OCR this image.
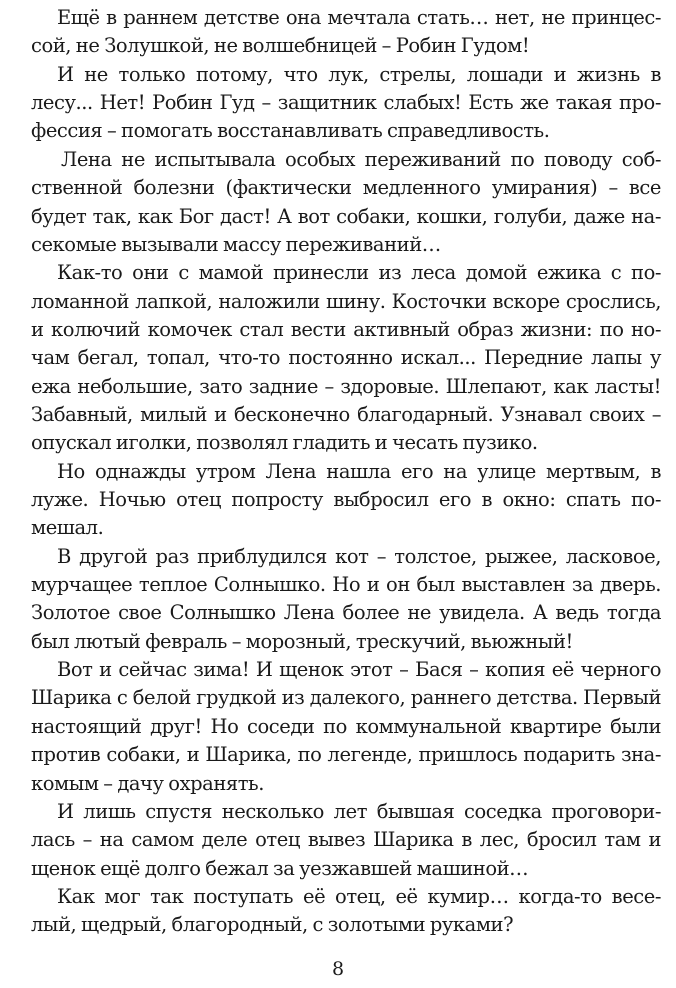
Ещё в раннем детстве она мечтала стать… нет, не принцес-
сой, не Золушкой, не волшебницей – Робин Гудом!
И не только потому, что лук, стрелы, лошади и жизнь в
лесу... Нет! Робин Гуд – защитник слабых! Есть же такая про-
фессия – помогать восстанавливать справедливость.
Лена не испытывала особых переживаний по поводу соб-
ственной болезни (фактически медленного умирания) – все
будет так, как Бог даст! А вот собаки, кошки, голуби, даже на-
секомые вызывали массу переживаний…
Как-то они с мамой принесли из леса домой ежика с по-
ломанной лапкой, наложили шину. Косточки вскоре срослись,
и колючий комочек стал вести активный образ жизни: по но-
чам бегал, топал, что-то постоянно искал... Передние лапы у
ежа небольшие, зато задние – здоровые. Шлепают, как ласты!
Забавный, милый и бесконечно благодарный. Узнавал своих –
опускал иголки, позволял гладить и чесать пузико.
Но однажды утром Лена нашла его на улице мертвым, в
луже. Ночью отец попросту выбросил его в окно: спать по-
мешал.
В другой раз приблудился кот – толстое, рыжее, ласковое,
мурчащее теплое Солнышко. Но и он был выставлен за дверь.
Золотое свое Солнышко Лена более не увидела. А ведь тогда
был лютый февраль – морозный, трескучий, вьюжный!
Вот и сейчас зима! И щенок этот – Бася – копия её черного
Шарика с белой грудкой из далекого, раннего детства. Первый
настоящий друг! Но соседи по коммунальной квартире были
против собаки, и Шарика, по легенде, пришлось подарить зна-
комым – дачу охранять.
И лишь спустя несколько лет бывшая соседка проговори-
лась – на самом деле отец вывез Шарика в лес, бросил там и
щенок ещё долго бежал за уезжавшей машиной…
Как мог так поступать её отец, её кумир… когда-то весе-
лый, щедрый, благородный, с золотыми руками?
8
